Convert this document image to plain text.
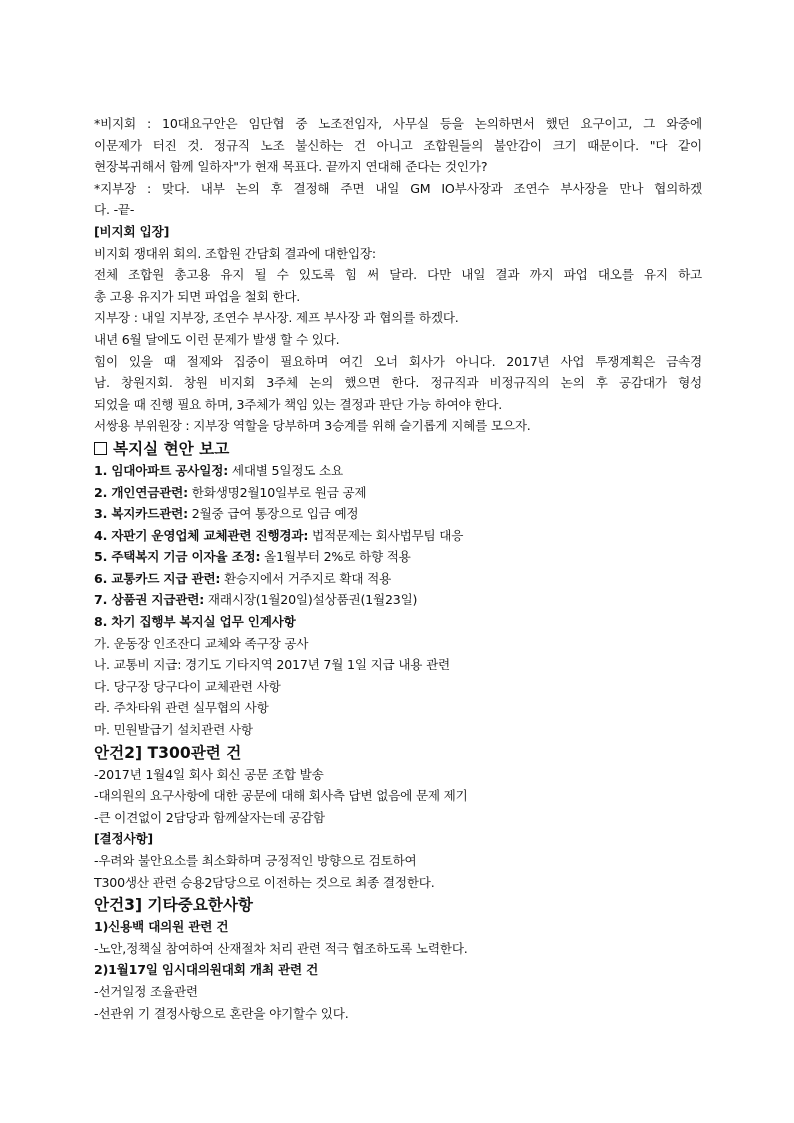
*비지회 : 10대요구안은 임단협 중 노조전임자, 사무실 등을 논의하면서 했던 요구이고, 그 와중에
이문제가 터진 것. 정규직 노조 불신하는 건 아니고 조합원들의 불안감이 크기 때문이다. "다 같이
현장복귀해서 함께 일하자"가 현재 목표다. 끝까지 연대해 준다는 것인가?
*지부장 : 맞다. 내부 논의 후 결정해 주면 내일 GM IO부사장과 조연수 부사장을 만나 협의하겠
다. -끝-
[비지회 입장]
비지회 쟁대위 회의. 조합원 간담회 결과에 대한입장:
전체 조합원 총고용 유지 될 수 있도록 힘 써 달라. 다만 내일 결과 까지 파업 대오를 유지 하고
총 고용 유지가 되면 파업을 철회 한다.
지부장 : 내일 지부장, 조연수 부사장. 제프 부사장 과 협의를 하겠다.
내년 6월 달에도 이런 문제가 발생 할 수 있다.
힘이 있을 때 절제와 집중이 필요하며 여긴 오너 회사가 아니다. 2017년 사업 투쟁계획은 금속경
남. 창원지회. 창원 비지회 3주체 논의 했으면 한다. 정규직과 비정규직의 논의 후 공감대가 형성
되었을 때 진행 필요 하며, 3주체가 책임 있는 결정과 판단 가능 하여야 한다.
서쌍용 부위원장 : 지부장 역할을 당부하며 3승계를 위해 슬기롭게 지혜를 모으자.
복지실 현안 보고
1. 임대아파트 공사일정: 세대별 5일정도 소요
2. 개인연금관련: 한화생명2월10일부로 원금 공제
3. 복지카드관련: 2월중 급여 통장으로 입금 예정
4. 자판기 운영업체 교체관련 진행경과: 법적문제는 회사법무팀 대응
5. 주택복지 기금 이자율 조정: 올1월부터 2%로 하향 적용
6. 교통카드 지급 관련: 환승지에서 거주지로 확대 적용
7. 상품권 지급관련: 재래시장(1월20일)설상품권(1월23일)
8. 차기 집행부 복지실 업무 인계사항
가. 운동장 인조잔디 교체와 족구장 공사
나. 교통비 지급: 경기도 기타지역 2017년 7월 1일 지급 내용 관련
다. 당구장 당구다이 교체관련 사항
라. 주차타워 관련 실무협의 사항
마. 민원발급기 설치관련 사항
안건2] T300관련 건
-2017년 1월4일 회사 회신 공문 조합 발송
-대의원의 요구사항에 대한 공문에 대해 회사측 답변 없음에 문제 제기
-큰 이견없이 2담당과 함께살자는데 공감함
[결정사항]
-우려와 불안요소를 최소화하며 긍정적인 방향으로 검토하여
T300생산 관련 승용2담당으로 이전하는 것으로 최종 결정한다.
안건3] 기타중요한사항
1)신용백 대의원 관련 건
-노안,정책실 참여하여 산재절차 처리 관련 적극 협조하도록 노력한다.
2)1월17일 임시대의원대회 개최 관련 건
-선거일정 조율관련
-선관위 기 결정사항으로 혼란을 야기할수 있다.
